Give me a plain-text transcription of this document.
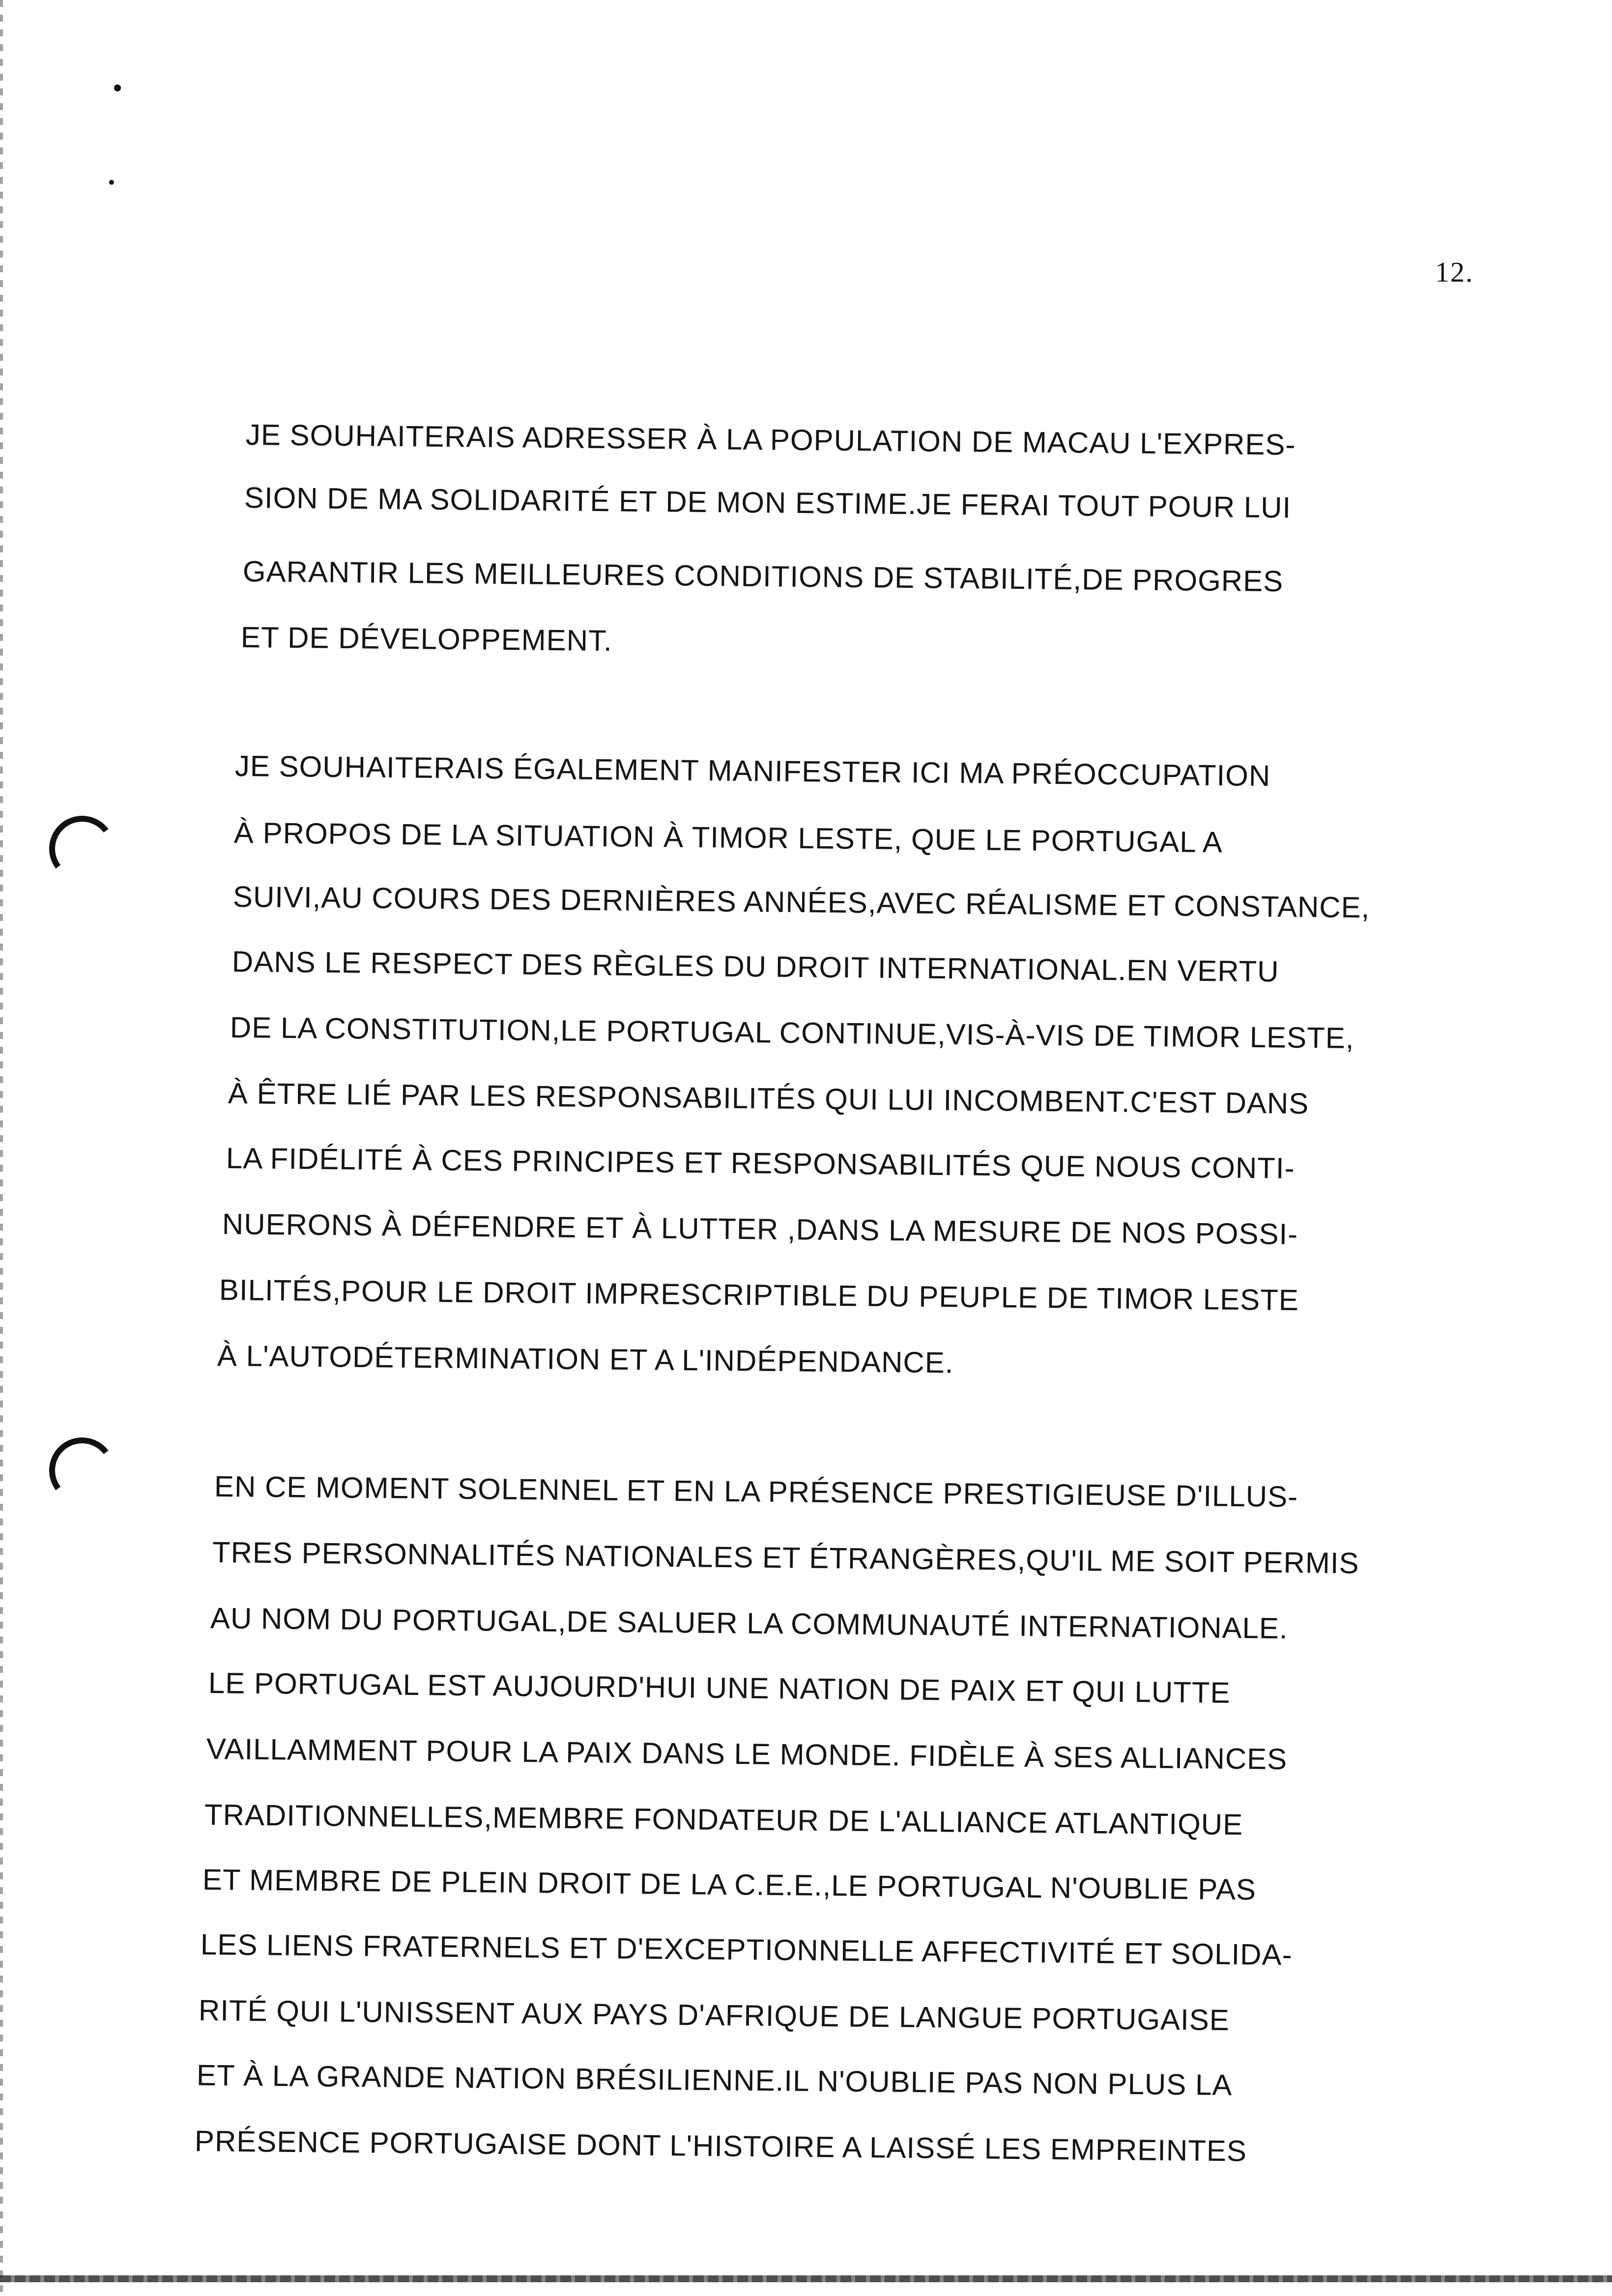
12.
JE SOUHAITERAIS ADRESSER À LA POPULATION DE MACAU L'EXPRES-
SION DE MA SOLIDARITÉ ET DE MON ESTIME.JE FERAI TOUT POUR LUI
GARANTIR LES MEILLEURES CONDITIONS DE STABILITÉ,DE PROGRES
ET DE DÉVELOPPEMENT.
JE SOUHAITERAIS ÉGALEMENT MANIFESTER ICI MA PRÉOCCUPATION
À PROPOS DE LA SITUATION À TIMOR LESTE, QUE LE PORTUGAL A
SUIVI,AU COURS DES DERNIÈRES ANNÉES,AVEC RÉALISME ET CONSTANCE,
DANS LE RESPECT DES RÈGLES DU DROIT INTERNATIONAL.EN VERTU
DE LA CONSTITUTION,LE PORTUGAL CONTINUE,VIS-À-VIS DE TIMOR LESTE,
À ÊTRE LIÉ PAR LES RESPONSABILITÉS QUI LUI INCOMBENT.C'EST DANS
LA FIDÉLITÉ À CES PRINCIPES ET RESPONSABILITÉS QUE NOUS CONTI-
NUERONS À DÉFENDRE ET À LUTTER ,DANS LA MESURE DE NOS POSSI-
BILITÉS,POUR LE DROIT IMPRESCRIPTIBLE DU PEUPLE DE TIMOR LESTE
À L'AUTODÉTERMINATION ET A L'INDÉPENDANCE.
EN CE MOMENT SOLENNEL ET EN LA PRÉSENCE PRESTIGIEUSE D'ILLUS-
TRES PERSONNALITÉS NATIONALES ET ÉTRANGÈRES,QU'IL ME SOIT PERMIS
AU NOM DU PORTUGAL,DE SALUER LA COMMUNAUTÉ INTERNATIONALE.
LE PORTUGAL EST AUJOURD'HUI UNE NATION DE PAIX ET QUI LUTTE
VAILLAMMENT POUR LA PAIX DANS LE MONDE. FIDÈLE À SES ALLIANCES
TRADITIONNELLES,MEMBRE FONDATEUR DE L'ALLIANCE ATLANTIQUE
ET MEMBRE DE PLEIN DROIT DE LA C.E.E.,LE PORTUGAL N'OUBLIE PAS
LES LIENS FRATERNELS ET D'EXCEPTIONNELLE AFFECTIVITÉ ET SOLIDA-
RITÉ QUI L'UNISSENT AUX PAYS D'AFRIQUE DE LANGUE PORTUGAISE
ET À LA GRANDE NATION BRÉSILIENNE.IL N'OUBLIE PAS NON PLUS LA
PRÉSENCE PORTUGAISE DONT L'HISTOIRE A LAISSÉ LES EMPREINTES
